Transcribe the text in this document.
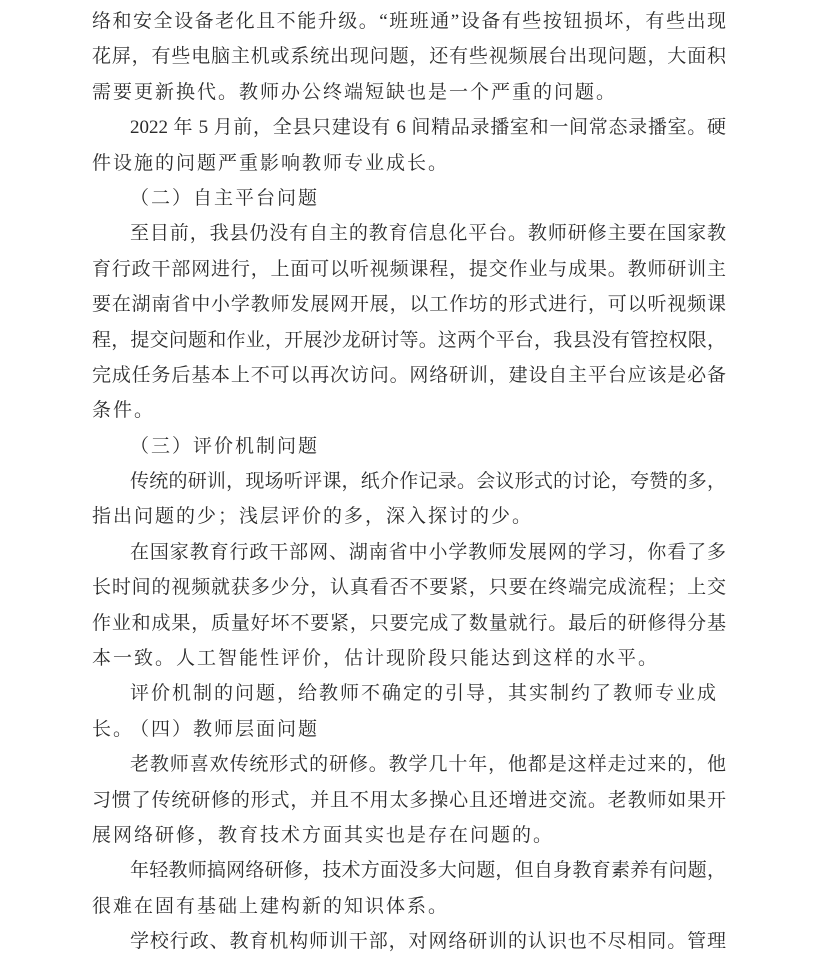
络和安全设备老化且不能升级。“班班通”设备有些按钮损坏，有些出现
花屏，有些电脑主机或系统出现问题，还有些视频展台出现问题，大面积
需要更新换代。教师办公终端短缺也是一个严重的问题。
2022 年 5 月前，全县只建设有 6 间精品录播室和一间常态录播室。硬
件设施的问题严重影响教师专业成长。
（二）自主平台问题
至目前，我县仍没有自主的教育信息化平台。教师研修主要在国家教
育行政干部网进行，上面可以听视频课程，提交作业与成果。教师研训主
要在湖南省中小学教师发展网开展，以工作坊的形式进行，可以听视频课
程，提交问题和作业，开展沙龙研讨等。这两个平台，我县没有管控权限，
完成任务后基本上不可以再次访问。网络研训，建设自主平台应该是必备
条件。
（三）评价机制问题
传统的研训，现场听评课，纸介作记录。会议形式的讨论，夸赞的多，
指出问题的少；浅层评价的多，深入探讨的少。
在国家教育行政干部网、湖南省中小学教师发展网的学习，你看了多
长时间的视频就获多少分，认真看否不要紧，只要在终端完成流程；上交
作业和成果，质量好坏不要紧，只要完成了数量就行。最后的研修得分基
本一致。人工智能性评价，估计现阶段只能达到这样的水平。
评价机制的问题，给教师不确定的引导，其实制约了教师专业成长。
（四）教师层面问题
老教师喜欢传统形式的研修。教学几十年，他都是这样走过来的，他
习惯了传统研修的形式，并且不用太多操心且还增进交流。老教师如果开
展网络研修，教育技术方面其实也是存在问题的。
年轻教师搞网络研修，技术方面没多大问题，但自身教育素养有问题，
很难在固有基础上建构新的知识体系。
学校行政、教育机构师训干部，对网络研训的认识也不尽相同。管理
